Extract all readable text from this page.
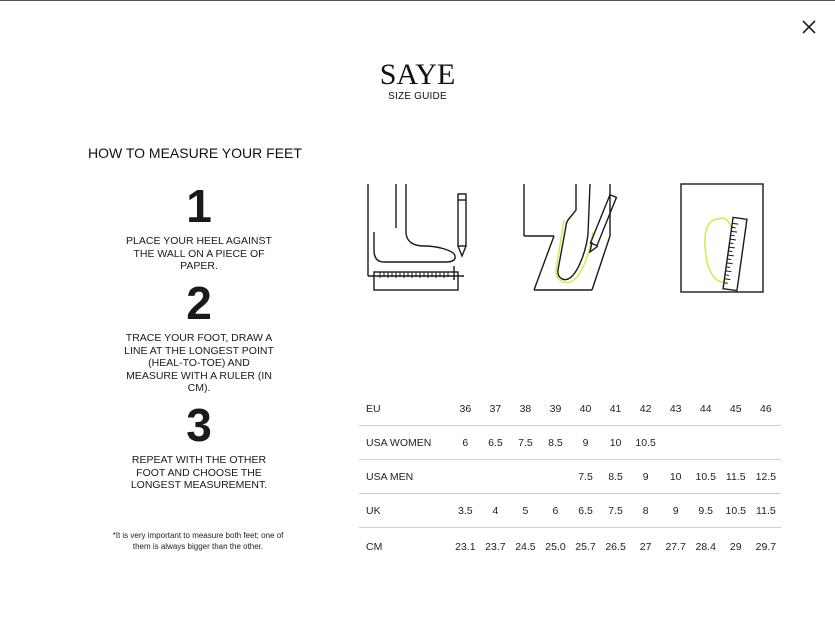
SAYE
SIZE GUIDE
HOW TO MEASURE YOUR FEET
1
PLACE YOUR HEEL AGAINST THE WALL ON A PIECE OF PAPER.
2
TRACE YOUR FOOT, DRAW A LINE AT THE LONGEST POINT (HEAL-TO-TOE) AND MEASURE WITH A RULER (IN CM).
3
REPEAT WITH THE OTHER FOOT AND CHOOSE THE LONGEST MEASUREMENT.
*It is very important to measure both feet; one of them is always bigger than the other.
EU	36	37	38	39	40	41	42	43	44	45	46
USA WOMEN	6	6.5	7.5	8.5	9	10	10.5				
USA MEN					7.5	8.5	9	10	10.5	11.5	12.5
UK	3.5	4	5	6	6.5	7.5	8	9	9.5	10.5	11.5
CM	23.1	23.7	24.5	25.0	25.7	26.5	27	27.7	28.4	29	29.7
